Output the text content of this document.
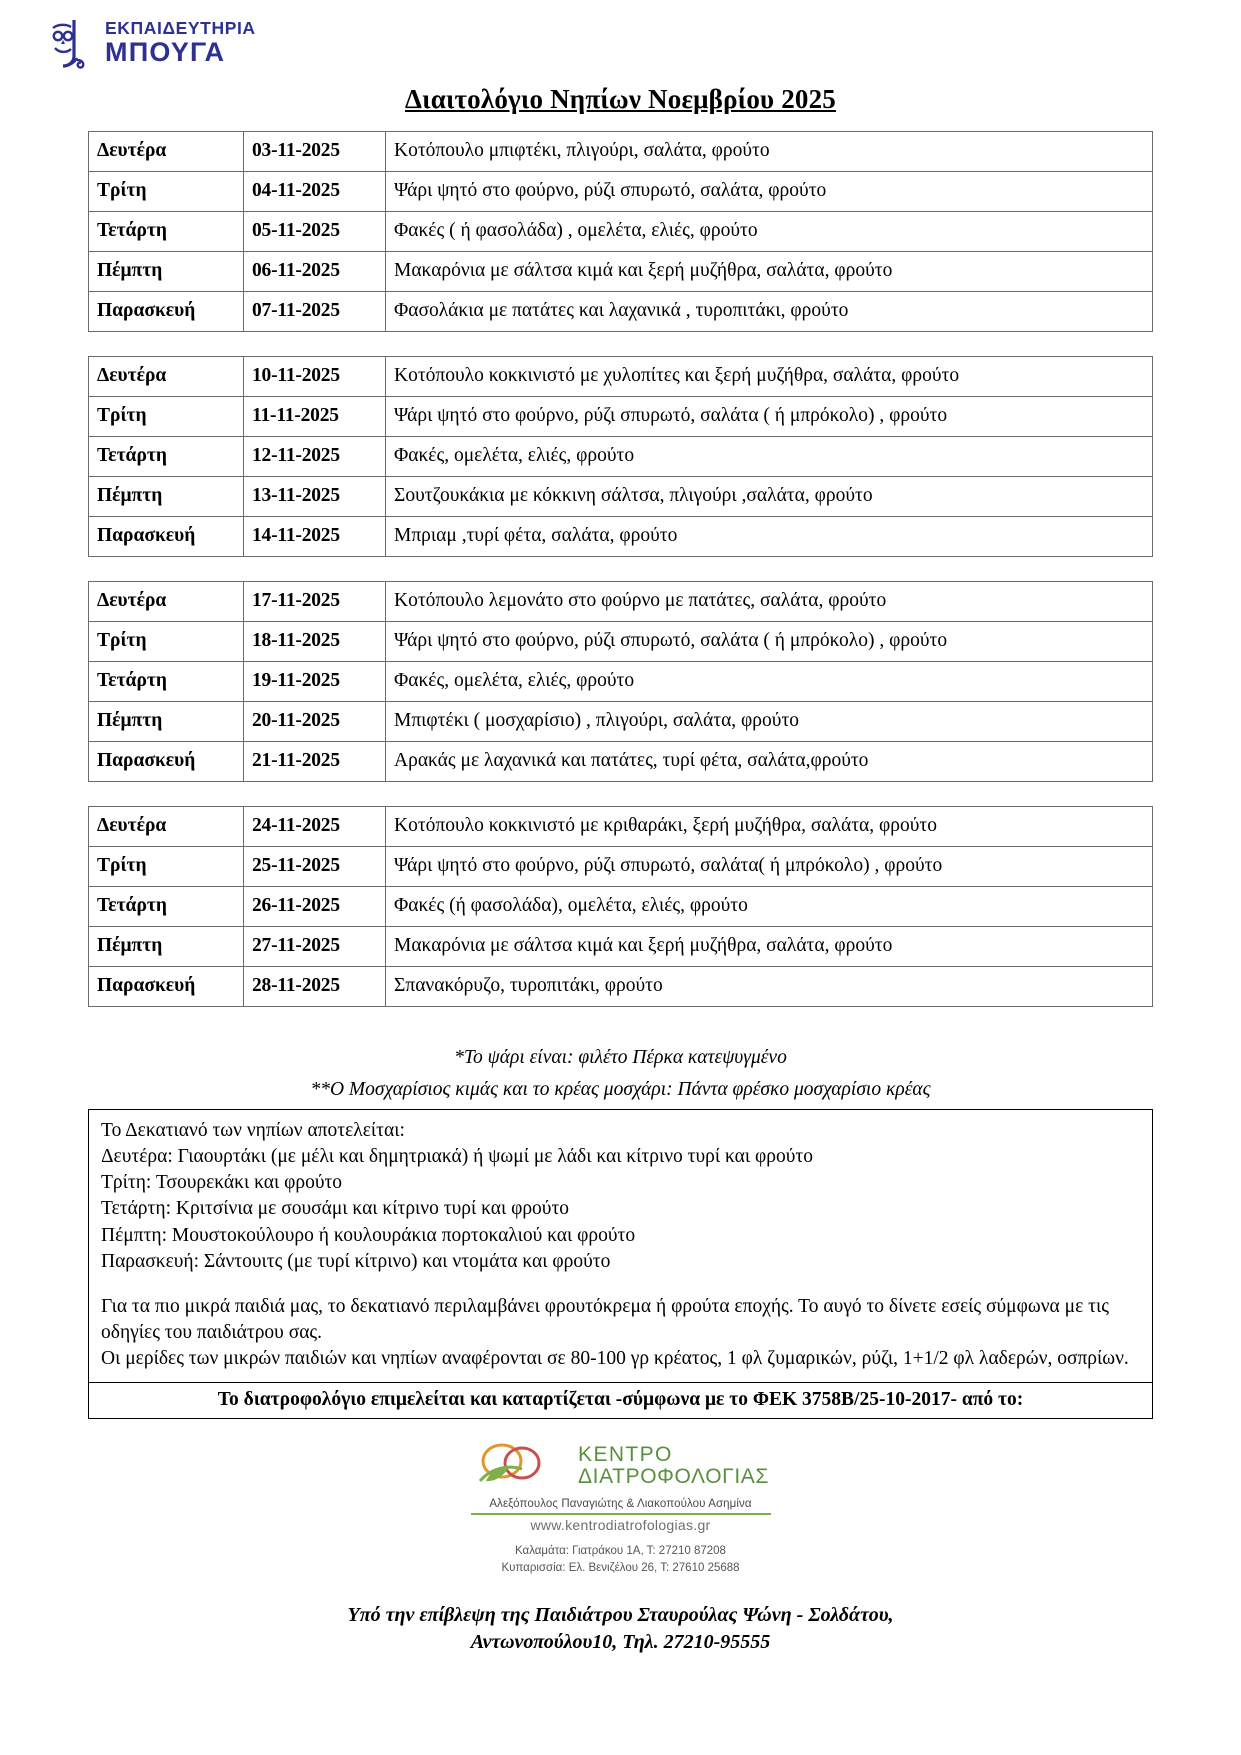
ΕΚΠΑΙΔΕΥΤΗΡΙΑ
ΜΠΟΥΓΑ
Διαιτολόγιο Νηπίων Νοεμβρίου 2025
Δευτέρα	03-11-2025	Κοτόπουλο μπιφτέκι, πλιγούρι, σαλάτα, φρούτο
Τρίτη	04-11-2025	Ψάρι ψητό στο φούρνο, ρύζι σπυρωτό, σαλάτα, φρούτο
Τετάρτη	05-11-2025	Φακές ( ή φασολάδα) , ομελέτα, ελιές, φρούτο
Πέμπτη	06-11-2025	Μακαρόνια με σάλτσα κιμά και ξερή μυζήθρα, σαλάτα, φρούτο
Παρασκευή	07-11-2025	Φασολάκια με πατάτες και λαχανικά , τυροπιτάκι, φρούτο
Δευτέρα	10-11-2025	Κοτόπουλο κοκκινιστό με χυλοπίτες και ξερή μυζήθρα, σαλάτα, φρούτο
Τρίτη	11-11-2025	Ψάρι ψητό στο φούρνο, ρύζι σπυρωτό, σαλάτα ( ή μπρόκολο) , φρούτο
Τετάρτη	12-11-2025	Φακές, ομελέτα, ελιές, φρούτο
Πέμπτη	13-11-2025	Σουτζουκάκια με κόκκινη σάλτσα, πλιγούρι ,σαλάτα, φρούτο
Παρασκευή	14-11-2025	Μπριαμ ,τυρί φέτα, σαλάτα, φρούτο
Δευτέρα	17-11-2025	Κοτόπουλο λεμονάτο στο φούρνο με πατάτες, σαλάτα, φρούτο
Τρίτη	18-11-2025	Ψάρι ψητό στο φούρνο, ρύζι σπυρωτό, σαλάτα ( ή μπρόκολο) , φρούτο
Τετάρτη	19-11-2025	Φακές, ομελέτα, ελιές, φρούτο
Πέμπτη	20-11-2025	Μπιφτέκι ( μοσχαρίσιο) , πλιγούρι, σαλάτα, φρούτο
Παρασκευή	21-11-2025	Αρακάς με λαχανικά και πατάτες, τυρί φέτα, σαλάτα,φρούτο
Δευτέρα	24-11-2025	Κοτόπουλο κοκκινιστό με κριθαράκι, ξερή μυζήθρα, σαλάτα, φρούτο
Τρίτη	25-11-2025	Ψάρι ψητό στο φούρνο, ρύζι σπυρωτό, σαλάτα( ή μπρόκολο) , φρούτο
Τετάρτη	26-11-2025	Φακές (ή φασολάδα), ομελέτα, ελιές, φρούτο
Πέμπτη	27-11-2025	Μακαρόνια με σάλτσα κιμά και ξερή μυζήθρα, σαλάτα, φρούτο
Παρασκευή	28-11-2025	Σπανακόρυζο, τυροπιτάκι, φρούτο

*Το ψάρι είναι: φιλέτο Πέρκα κατεψυγμένο

**Ο Μοσχαρίσιος κιμάς και το κρέας μοσχάρι: Πάντα φρέσκο μοσχαρίσιο κρέας

Το Δεκατιανό των νηπίων αποτελείται:

Δευτέρα: Γιαουρτάκι (με μέλι και δημητριακά) ή ψωμί με λάδι και κίτρινο τυρί και φρούτο

Τρίτη: Τσουρεκάκι και φρούτο

Τετάρτη: Κριτσίνια με σουσάμι και κίτρινο τυρί και φρούτο

Πέμπτη: Μουστοκούλουρο ή κουλουράκια πορτοκαλιού και φρούτο

Παρασκευή: Σάντουιτς (με τυρί κίτρινο) και ντομάτα και φρούτο

Για τα πιο μικρά παιδιά μας, το δεκατιανό περιλαμβάνει φρουτόκρεμα ή φρούτα εποχής. Το αυγό το δίνετε εσείς σύμφωνα με τις οδηγίες του παιδιάτρου σας.

Οι μερίδες των μικρών παιδιών και νηπίων αναφέρονται σε 80-100 γρ κρέατος, 1 φλ ζυμαρικών, ρύζι, 1+1/2 φλ λαδερών, οσπρίων.

Το διατροφολόγιο επιμελείται και καταρτίζεται -σύμφωνα με το ΦΕΚ 3758Β/25-10-2017- από το:
ΚΕΝΤΡΟ
ΔΙΑΤΡΟΦΟΛΟΓΙΑΣ
Αλεξόπουλος Παναγιώτης & Λιακοπούλου Ασημίνα
www.kentrodiatrofologias.gr
Καλαμάτα: Γιατράκου 1Α, Τ: 27210 87208
Κυπαρισσία: Ελ. Βενιζέλου 26, Τ: 27610 25688
Υπό την επίβλεψη της Παιδιάτρου Σταυρούλας Ψώνη - Σολδάτου,
Αντωνοπούλου10, Τηλ. 27210-95555
